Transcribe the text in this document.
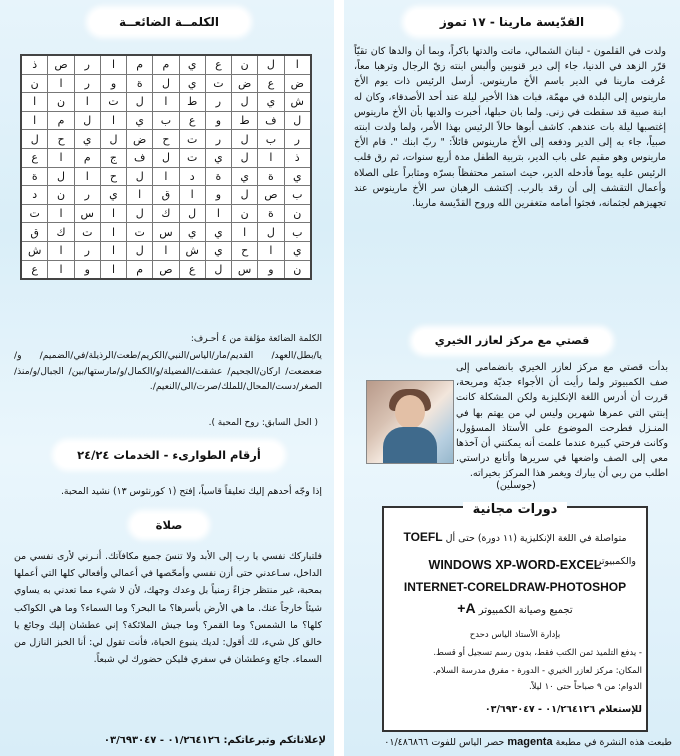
القدّيسة مارينا - ١٧ تموز
ولدت في القلمون - لبنان الشمالي، ماتت والدتها باكراً، وبما أن والدها كان تقيّاً قرّر الزهد في الدنيا، جاء إلى دير قنوبين وألبس ابنته زيّ الرجال وترهبا معاً، عُرفت مارينا في الدير باسم الأخ مارينوس. أرسل الرئيس ذات يوم الأخ مارينوس إلى البلدة في مهمّة، فبات هذا الأخير ليلة عند أحد الأصدقاء، وكان له ابنة صبية قد سقطت في زنى. ولما بان حبلها، أخبرت والديها بأن الأخ مارينوس إغتصبها ليلة بات عندهم. كاشف أبوها حالاً الرئيس بهذا الأمر، ولما ولدت ابنته صبياً، جاء به إلى الدير ودفعه إلى الأخ مارينوس قائلاً: " ربّ ابنك ". قام الأخ مارينوس وهو مقيم على باب الدير، بتربية الطفل مدة أربع سنوات، ثم رق قلب الرئيس عليه يوماً فأدخله الدير، حيث استمر محتفظاً بسرّه ومثابراً على الصلاة وأعمال التقشف إلى أن رقد بالرب. إكتشف الرهبان سر الأخ مارينوس عند تجهيزهم لجثمانه، فجثوا أمامه متغفرين الله وروح القدّيسة مارينا.
قصتي مع مركز لعازر الخيري
بدأت قصتي مع مركز لعازر الخيري بانضمامي إلى صف الكمبيوتر ولما رأيت أن الأجواء جديّة ومريحة، قررت أن أدرس اللغة الإنكليزية ولكن المشكلة كانت إبنتي التي عمرها شهرين وليس لي من يهتم بها في المنـزل فطرحت الموضوع على الأستاذ المسؤول، وكانت فرحتي كبيرة عندما علمت أنه يمكنني أن آخذها معي إلى الصف واضعها في سريرها وأتابع دراستي. اطلب من ربي أن يبارك ويغمر هذا المركز بخيراته.
(جوسلين)
دورات مجانية
متواصلة في اللغة الإنكليزية (١١ دورة) حتى أل TOEFL
والكمبيوتر
WINDOWS XP-WORD-EXCEL
INTERNET-CORELDRAW-PHOTOSHOP
تجميع وصيانة الكمبيوتر A+
بإدارة الأستاذ الياس دحدح
- يدفع التلميذ ثمن الكتب فقط، بدون رسم تسجيل أو قسط.
المكان: مركز لعازر الخيري - الدورة - مفرق مدرسة السلام.
الدوام: من ٩ صباحاً حتى ١٠ ليلاً.
للإستعلام ٠١/٢٦٤١٢٦ - ٠٣/٦٩٣٠٤٧
طبعت هذه النشرة في مطبعة magenta حصر الياس للفوت ٠١/٤٨٦٨٦٦
الكلمــة الضائعــة
ذ	ص	ر	ا	م	م	ي	ع	ن	ل	ا
ن	ا	ر	و	ة	ل	ي	ت	ض	ع	ض
ا	ن	ا	ت	ل	ا	ط	ر	ل	ي	ش
ا	م	ل	ا	ي	ب	ع	و	ط	ف	ل
ل	ح	ي	ل	ض	ح	ت	ر	ل	ب	ر
ع	ا	م	ج	ف	ل	ت	ي	ل	ا	ذ
ة	ل	ا	ح	ل	ا	د	ة	ي	ة	ي
د	ن	ر	ي	ا	ق	ا	و	ل	ص	ب
ت	ا	س	ا	ل	ك	ل	ا	ن	ة	ن
ق	ك	ت	ا	ت	س	ي	ي	ا	ل	ب
ش	ا	ر	ا	ل	ا	ش	ي	ح	ا	ي
ع	ا	و	ا	م	ص	ع	ل	س	و	ن
الكلمة الضائعة مؤلفة من ٤ أحـرف:
يا/بطل/العهد/ القديم/مار/الياس/النبي/الكريم/طعت/الرذيلة/في/الضميم/ و/ضعضعت/ اركان/الجحيم/ عشقت/الفضيلة/و/الكمال/و/مارستها/بين/ الجبال/و/منذ/الصغر/دست/المحال/للملك/صرت/الى/النعيم/.
( الحل السابق: روح المحبة ).
أرقام الطوارىء - الخدمات ٢٤/٢٤
إذا وجّه أحدهم إليك تعليقاً قاسياً، إفتح (١ كورنثوس ١٣) نشيد المحبة.
صلاة
فلتباركك نفسي يا رب إلى الأبد ولا تنسَ جميع مكافآتك. أنـرني لأرى نفسي من الداخل، سـاعدني حتى أزن نفسي وأمحّصها في أعمالي وأفعالي كلها التي أعملها بمحبة، غير منتظر جزاءً زمنياً بل وعدك وجهك، لأن لا شيء مما تعدني به يساوي شيئاً خارجاً عنك. ما هي الأرض بأسرها؟ ما البحر؟ وما السماء؟ وما هي الكواكب كلها؟ ما الشمس؟ وما القمر؟ وما جيش الملائكة؟ إني عطشان إليك وجائع يا خالق كل شيء، لك أقول: لديك ينبوع الحياة، فأنت تقول لي: أنا الخبز النازل من السماء. جائع وعطشان في سفري فليكن حضورك لي شبعاً.
لإعلاناتكم وتبرعاتكم: ٠١/٢٦٤١٢٦ - ٠٣/٦٩٣٠٤٧
